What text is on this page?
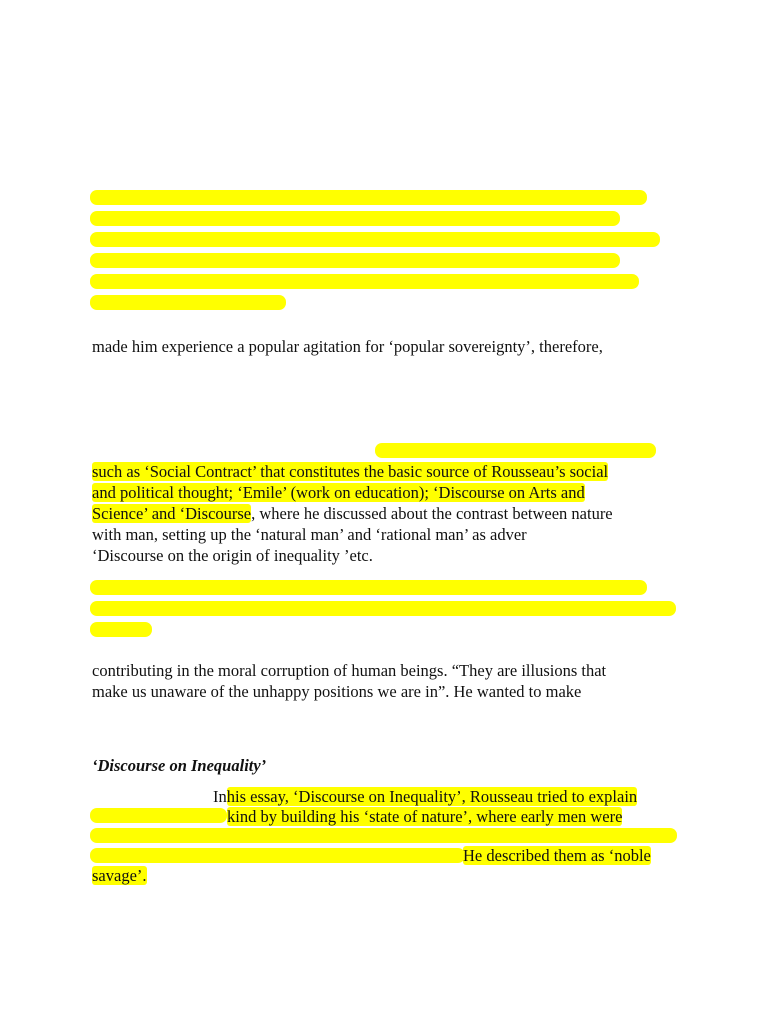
made him experience a popular agitation for ‘popular sovereignty’, therefore,
such as ‘Social Contract’ that constitutes the basic source of Rousseau’s social
and political thought; ‘Emile’ (work on education); ‘Discourse on Arts and
Science’ and ‘Discourse, where he discussed about the contrast between nature
with man, setting up the ‘natural man’ and ‘rational man’ as adver
‘Discourse on the origin of inequality ’etc.
contributing in the moral corruption of human beings. “They are illusions that
make us unaware of the unhappy positions we are in”. He wanted to make
‘Discourse on Inequality’
Inhis essay, ‘Discourse on Inequality’, Rousseau tried to explain
kind by building his ‘state of nature’, where early men were
He described them as ‘noble
savage’.
